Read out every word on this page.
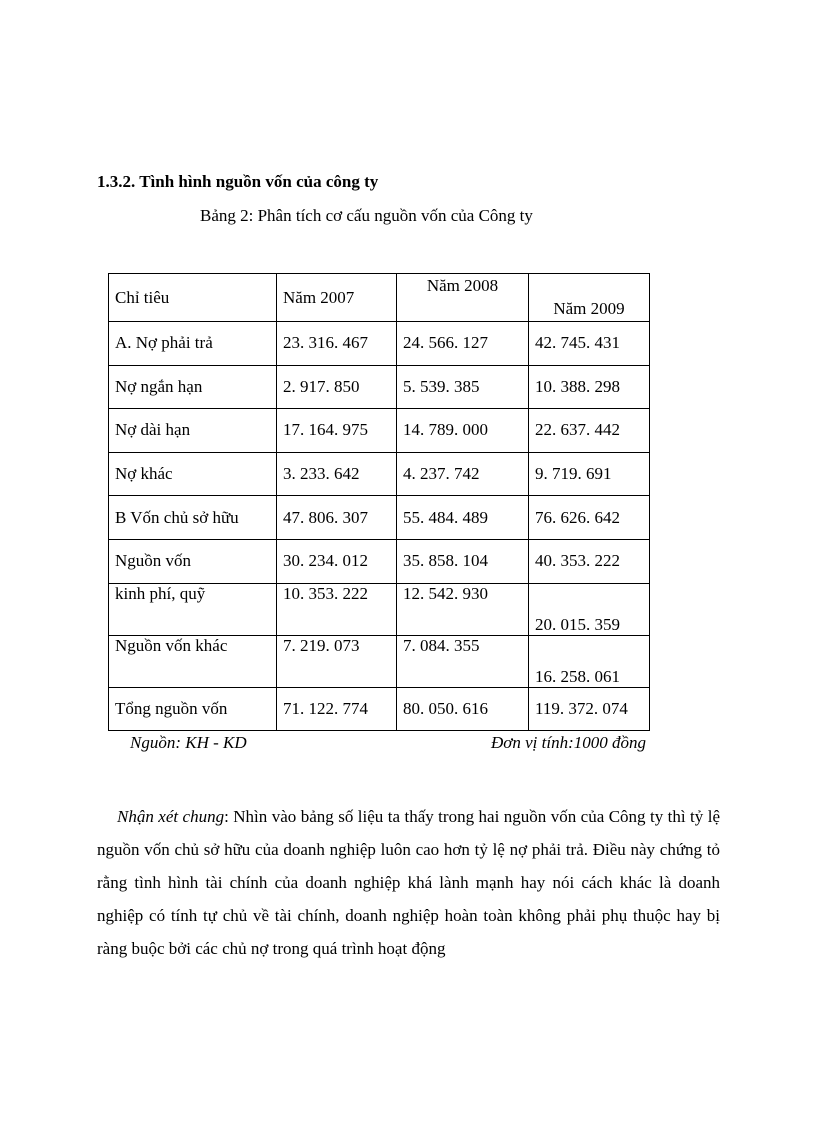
1.3.2. Tình hình nguồn vốn của công ty
Bảng 2: Phân tích cơ cấu nguồn vốn của Công ty
Chỉ tiêu	Năm 2007	Năm 2008	Năm 2009
A. Nợ phải trả	23. 316. 467	24. 566. 127	42. 745. 431
Nợ ngắn hạn	2. 917. 850	5. 539. 385	10. 388. 298
Nợ dài hạn	17. 164. 975	14. 789. 000	22. 637. 442
Nợ khác	3. 233. 642	4. 237. 742	9. 719. 691
B Vốn chủ sở hữu	47. 806. 307	55. 484. 489	76. 626. 642
Nguồn vốn	30. 234. 012	35. 858. 104	40. 353. 222
kinh phí, quỹ	10. 353. 222	12. 542. 930	20. 015. 359
Nguồn vốn khác	7. 219. 073	7. 084. 355	16. 258. 061
Tổng nguồn vốn	71. 122. 774	80. 050. 616	119. 372. 074
Nguồn: KH - KD	Đơn vị tính:1000 đồng

Nhận xét chung: Nhìn vào bảng số liệu ta thấy trong hai nguồn vốn của Công ty thì tỷ lệ nguồn vốn chủ sở hữu của doanh nghiệp luôn cao hơn tỷ lệ nợ phải trả. Điều này chứng tỏ rằng tình hình tài chính của doanh nghiệp khá lành mạnh hay nói cách khác là doanh nghiệp có tính tự chủ về tài chính, doanh nghiệp hoàn toàn không phải phụ thuộc hay bị ràng buộc bởi các chủ nợ trong quá trình hoạt động
